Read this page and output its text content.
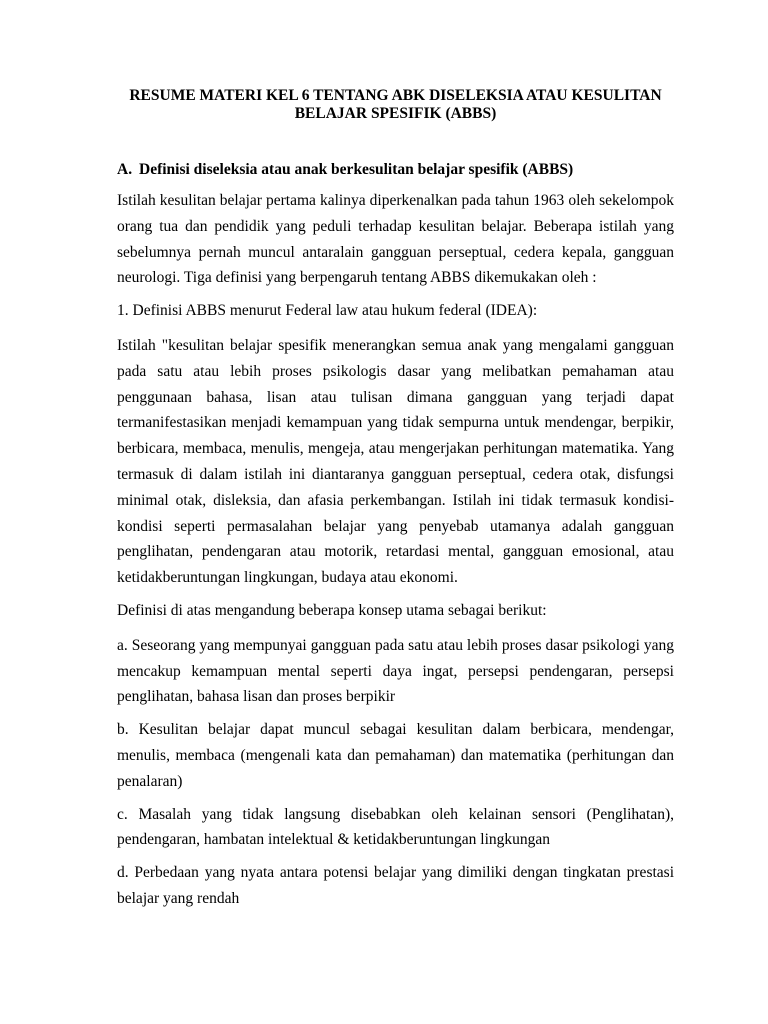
RESUME MATERI KEL 6 TENTANG ABK DISELEKSIA ATAU KESULITAN
BELAJAR SPESIFIK (ABBS)
A. Definisi diseleksia atau anak berkesulitan belajar spesifik (ABBS)

Istilah kesulitan belajar pertama kalinya diperkenalkan pada tahun 1963 oleh sekelompok orang tua dan pendidik yang peduli terhadap kesulitan belajar. Beberapa istilah yang sebelumnya pernah muncul antaralain gangguan perseptual, cedera kepala, gangguan neurologi. Tiga definisi yang berpengaruh tentang ABBS dikemukakan oleh :

1. Definisi ABBS menurut Federal law atau hukum federal (IDEA):

Istilah "kesulitan belajar spesifik menerangkan semua anak yang mengalami gangguan pada satu atau lebih proses psikologis dasar yang melibatkan pemahaman atau penggunaan bahasa, lisan atau tulisan dimana gangguan yang terjadi dapat termanifestasikan menjadi kemampuan yang tidak sempurna untuk mendengar, berpikir, berbicara, membaca, menulis, mengeja, atau mengerjakan perhitungan matematika. Yang termasuk di dalam istilah ini diantaranya gangguan perseptual, cedera otak, disfungsi minimal otak, disleksia, dan afasia perkembangan. Istilah ini tidak termasuk kondisi-kondisi seperti permasalahan belajar yang penyebab utamanya adalah gangguan penglihatan, pendengaran atau motorik, retardasi mental, gangguan emosional, atau ketidakberuntungan lingkungan, budaya atau ekonomi.

Definisi di atas mengandung beberapa konsep utama sebagai berikut:

a. Seseorang yang mempunyai gangguan pada satu atau lebih proses dasar psikologi yang mencakup kemampuan mental seperti daya ingat, persepsi pendengaran, persepsi penglihatan, bahasa lisan dan proses berpikir

b. Kesulitan belajar dapat muncul sebagai kesulitan dalam berbicara, mendengar, menulis, membaca (mengenali kata dan pemahaman) dan matematika (perhitungan dan penalaran)

c. Masalah yang tidak langsung disebabkan oleh kelainan sensori (Penglihatan), pendengaran, hambatan intelektual & ketidakberuntungan lingkungan

d. Perbedaan yang nyata antara potensi belajar yang dimiliki dengan tingkatan prestasi belajar yang rendah
